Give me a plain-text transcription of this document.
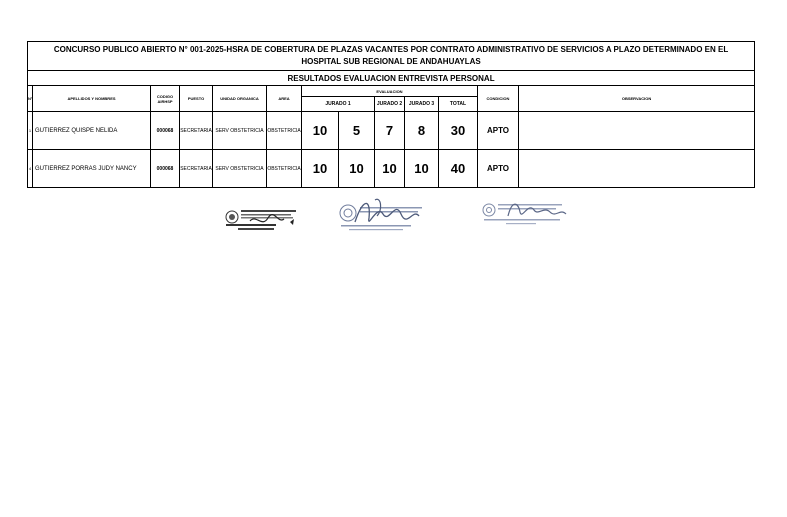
CONCURSO PUBLICO ABIERTO N° 001-2025-HSRA DE COBERTURA DE PLAZAS VACANTES POR CONTRATO ADMINISTRATIVO DE SERVICIOS A PLAZO DETERMINADO EN EL HOSPITAL SUB REGIONAL DE ANDAHUAYLAS												
RESULTADOS EVALUACION ENTREVISTA PERSONAL												
N°	APELLIDOS Y NOMBRES	CODIGO AIRHSP	PUESTO	UNIDAD ORGANICA	AREA	EVALUACION					CONDICION	OBSERVACION
						JURADO 1		JURADO 2	JURADO 3	TOTAL		
1	GUTIERREZ QUISPE NELIDA	000068	SECRETARIA	SERV OBSTETRICIA	OBSTETRICIA	10	5	7	8	30	APTO	
4	GUTIERREZ PORRAS JUDY NANCY	000068	SECRETARIA	SERV OBSTETRICIA	OBSTETRICIA	10	10	10	10	40	APTO	
